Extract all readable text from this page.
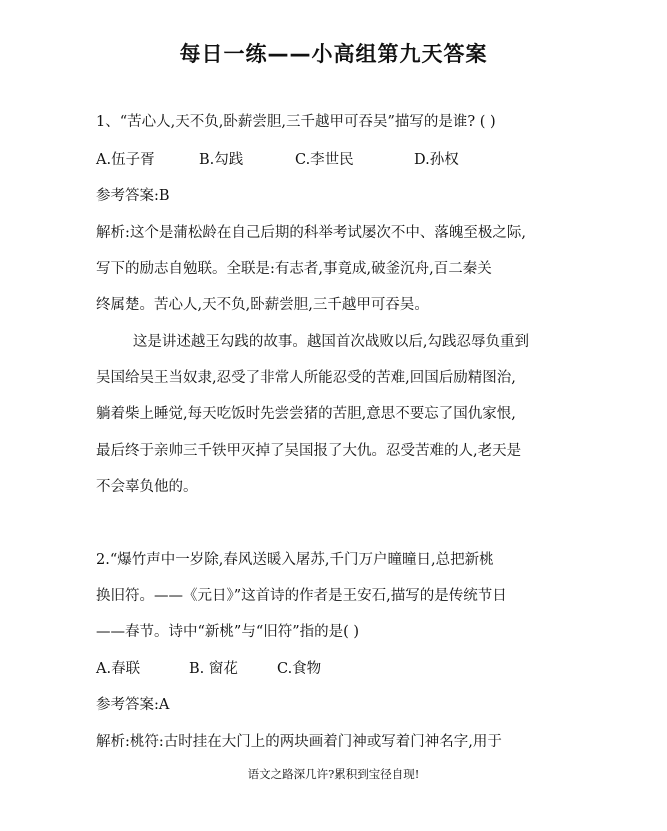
每日一练——小高组第九天答案
1、“苦心人,天不负,卧薪尝胆,三千越甲可吞吴”描写的是谁? ( )
A.伍子胥	B.勾践	C.李世民	D.孙权
参考答案:B
解析:这个是蒲松龄在自己后期的科举考试屡次不中、落魄至极之际,
写下的励志自勉联。全联是:有志者,事竟成,破釜沉舟,百二秦关
终属楚。苦心人,天不负,卧薪尝胆,三千越甲可吞吴。
这是讲述越王勾践的故事。越国首次战败以后,勾践忍辱负重到
吴国给吴王当奴隶,忍受了非常人所能忍受的苦难,回国后励精图治,
躺着柴上睡觉,每天吃饭时先尝尝猪的苦胆,意思不要忘了国仇家恨,
最后终于亲帅三千铁甲灭掉了吴国报了大仇。忍受苦难的人,老天是
不会辜负他的。
2.“爆竹声中一岁除,春风送暖入屠苏,千门万户曈曈日,总把新桃
换旧符。——《元日》”这首诗的作者是王安石,描写的是传统节日
——春节。诗中“新桃”与“旧符”指的是( )
A.春联	B. 窗花	C.食物
参考答案:A
解析:桃符:古时挂在大门上的两块画着门神或写着门神名字,用于
语文之路深几许?累积到宝径自现!
